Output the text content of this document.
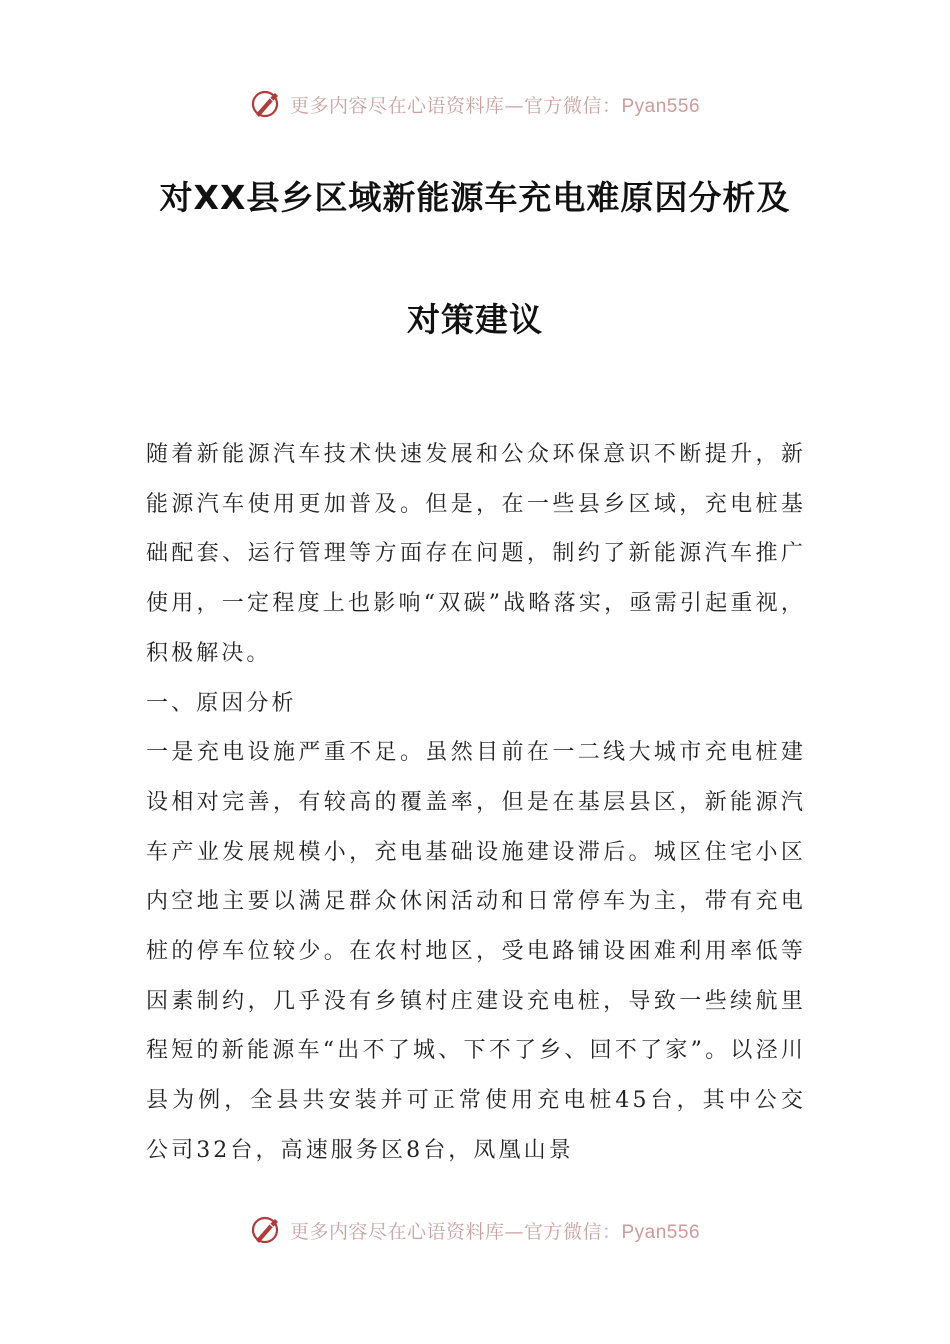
更多内容尽在心语资料库—官方微信：Pyan556
对XX县乡区域新能源车充电难原因分析及
对策建议

随着新能源汽车技术快速发展和公众环保意识不断提升，新能源汽车使用更加普及。但是，在一些县乡区域，充电桩基础配套、运行管理等方面存在问题，制约了新能源汽车推广使用，一定程度上也影响“双碳”战略落实，亟需引起重视，积极解决。

一、原因分析

一是充电设施严重不足。虽然目前在一二线大城市充电桩建设相对完善，有较高的覆盖率，但是在基层县区，新能源汽车产业发展规模小，充电基础设施建设滞后。城区住宅小区内空地主要以满足群众休闲活动和日常停车为主，带有充电桩的停车位较少。在农村地区，受电路铺设困难利用率低等因素制约，几乎没有乡镇村庄建设充电桩，导致一些续航里程短的新能源车“出不了城、下不了乡、回不了家”。以泾川县为例，全县共安装并可正常使用充电桩45台，其中公交公司32台，高速服务区8台，凤凰山景

更多内容尽在心语资料库—官方微信：Pyan556
